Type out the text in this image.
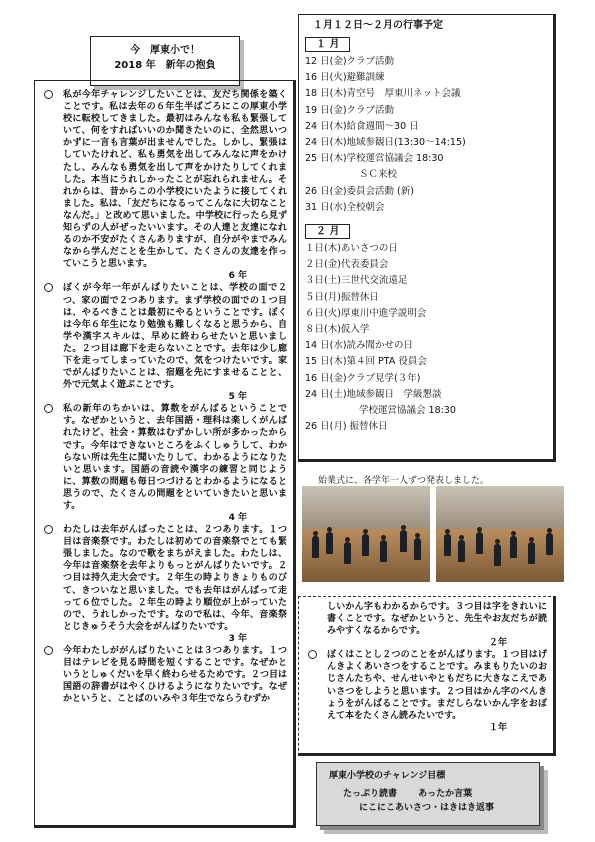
今　厚東小で！
2018 年　新年の抱負
私が今年チャレンジしたいことは、友だち関係を築くことです。私は去年の６年生半ばごろにこの厚東小学校に転校してきました。最初はみんなも私も緊張していて、何をすればいいのか聞きたいのに、全然思いつかずに一言も言葉が出ませんでした。しかし、緊張はしていたけれど、私も勇気を出してみんなに声をかけたし、みんなも勇気を出して声をかけたりしてくれました。本当にうれしかったことが忘れられません。それからは、昔からこの小学校にいたように接してくれました。私は、「友だちになるってこんなに大切なことなんだ。」と改めて思いました。中学校に行ったら見ず知らずの人がぜったいいます。その人達と友達になれるのか不安がたくさんありますが、自分がやまでみんなから学んだことを生かして、たくさんの友達を作っていこうと思います。
6 年
ぼくが今年一年がんばりたいことは、学校の面で２つ、家の面で２つあります。まず学校の面での１つ目は、やるべきことは最初にやるということです。ぼくは今年６年生になり勉強も難しくなると思うから、自学や漢字スキルは、早めに終わらせたいと思いました。２つ目は廊下を走らないことです。去年は少し廊下を走ってしまっていたので、気をつけたいです。家でがんばりたいことは、宿題を先にすませることと、外で元気よく遊ぶことです。
5 年
私の新年のちかいは、算数をがんばるということです。なぜかというと、去年国語・理科は楽しくがんばれたけど、社会・算数はむずかしい所が多かったからです。今年はできないところをふくしゅうして、わからない所は先生に聞いたりして、わかるようになりたいと思います。国語の音読や漢字の練習と同じように、算数の問題も毎日つづけるとわかるようになると思うので、たくさんの問題をといていきたいと思います。
4 年
わたしは去年がんばったことは、２つあります。１つ目は音楽祭です。わたしは初めての音楽祭でとても緊張しました。なので歌をまちがえました。わたしは、今年は音楽祭を去年よりもっとがんばりたいです。２つ目は持久走大会です。２年生の時よりきょりものびて、きついなと思いました。でも去年はがんばって走って６位でした。２年生の時より順位が上がっていたので、うれしかったです。なので私は、今年、音楽祭とじきゅうそう大会をがんばりたいです。
3 年
今年わたしががんばりたいことは３つあります。１つ目はテレビを見る時間を短くすることです。なぜかというとしゅくだいを早く終わらせるためです。２つ目は国語の辞書がはやくひけるようになりたいです。なぜかというと、ことばのいみや３年生でならうむずか
１月１２日～２月の行事予定
１ 月
12 日(金)クラブ活動
16 日(火)避難訓練
18 日(木)青空号　厚東川ネット会議
19 日(金)クラブ活動
24 日(木)給食週間～30 日
24 日(木)地域参観日(13:30～14:15)
25 日(木)学校運営協議会 18:30
ＳＣ来校
26 日(金)委員会活動 (新)
31 日(水)全校朝会
２ 月
１日(木)あいさつの日
２日(金)代表委員会
３日(土)三世代交流遠足
５日(月)振替休日
６日(火)厚東川中進学説明会
８日(木)仮入学
14 日(水)読み聞かせの日
15 日(木)第４回 PTA 役員会
16 日(金)クラブ見学(３年)
24 日(土)地域参観日　学級懇談
学校運営協議会 18:30
26 日(月) 振替休日
始業式に、各学年一人ずつ発表しました。
しいかん字もわかるからです。３つ目は字をきれいに書くことです。なぜかというと、先生やお友だちが読みやすくなるからです。
２年
ぼくはことし２つのことをがんばります。１つ目はげんきよくあいさつをすることです。みまもりたいのおじさんたちや、せんせいやともだちに大きなこえであいさつをしようと思います。２つ目はかん字のべんきょうをがんばることです。まだしらないかん字をおぼえて本をたくさん読みたいです。
１年
厚東小学校のチャレンジ目標
たっぷり読書 あったか言葉
にこにこあいさつ・はきはき返事
